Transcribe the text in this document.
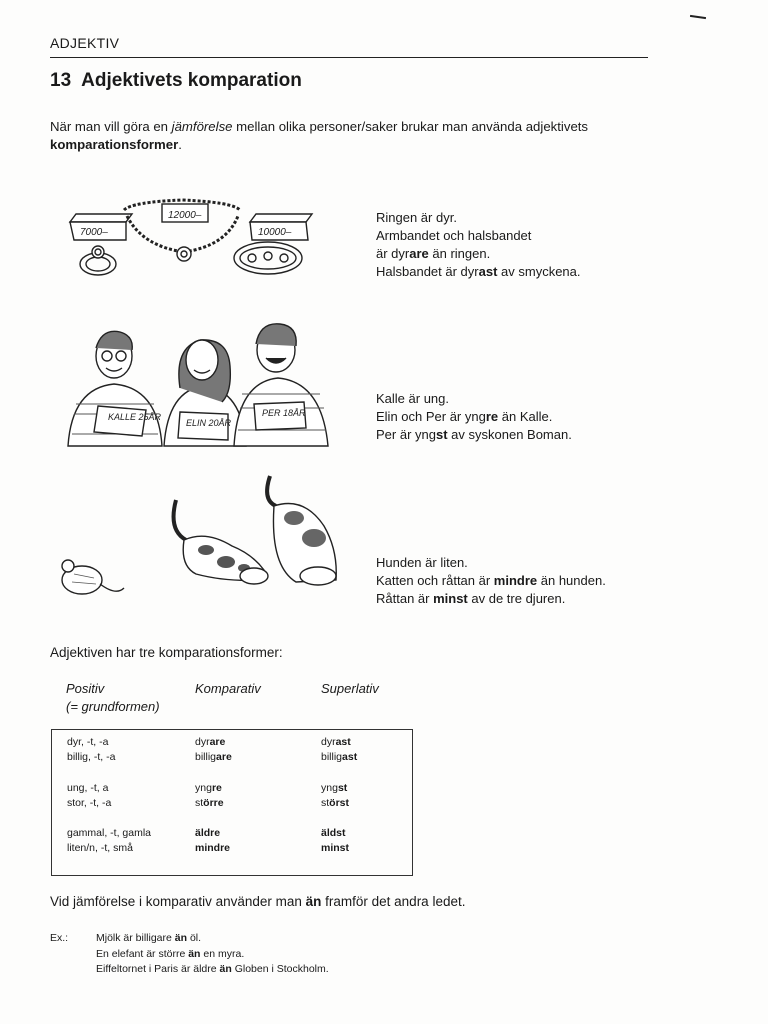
ADJEKTIV
13 Adjektivets komparation
När man vill göra en jämförelse mellan olika personer/saker brukar man använda adjektivets komparationsformer.
7000–
12000–
10000–
Ringen är dyr.
Armbandet och halsbandet
är dyrare än ringen.
Halsbandet är dyrast av smyckena.
KALLE 25ÅR
ELIN 20ÅR
PER 18ÅR
Kalle är ung.
Elin och Per är yngre än Kalle.
Per är yngst av syskonen Boman.
Hunden är liten.
Katten och råttan är mindre än hunden.
Råttan är minst av de tre djuren.
Adjektiven har tre komparationsformer:
Positiv
(= grundformen)
Komparativ	Superlativ
dyr, -t, -a
billig, -t, -a
dyrare
billigare
dyrast
billigast
ung, -t, a
stor, -t, -a
yngre
större
yngst
störst
gammal, -t, gamla
liten/n, -t, små
äldre
mindre
äldst
minst
Vid jämförelse i komparativ använder man än framför det andra ledet.
Ex.:	Mjölk är billigare än öl.
En elefant är större än en myra.
Eiffeltornet i Paris är äldre än Globen i Stockholm.
